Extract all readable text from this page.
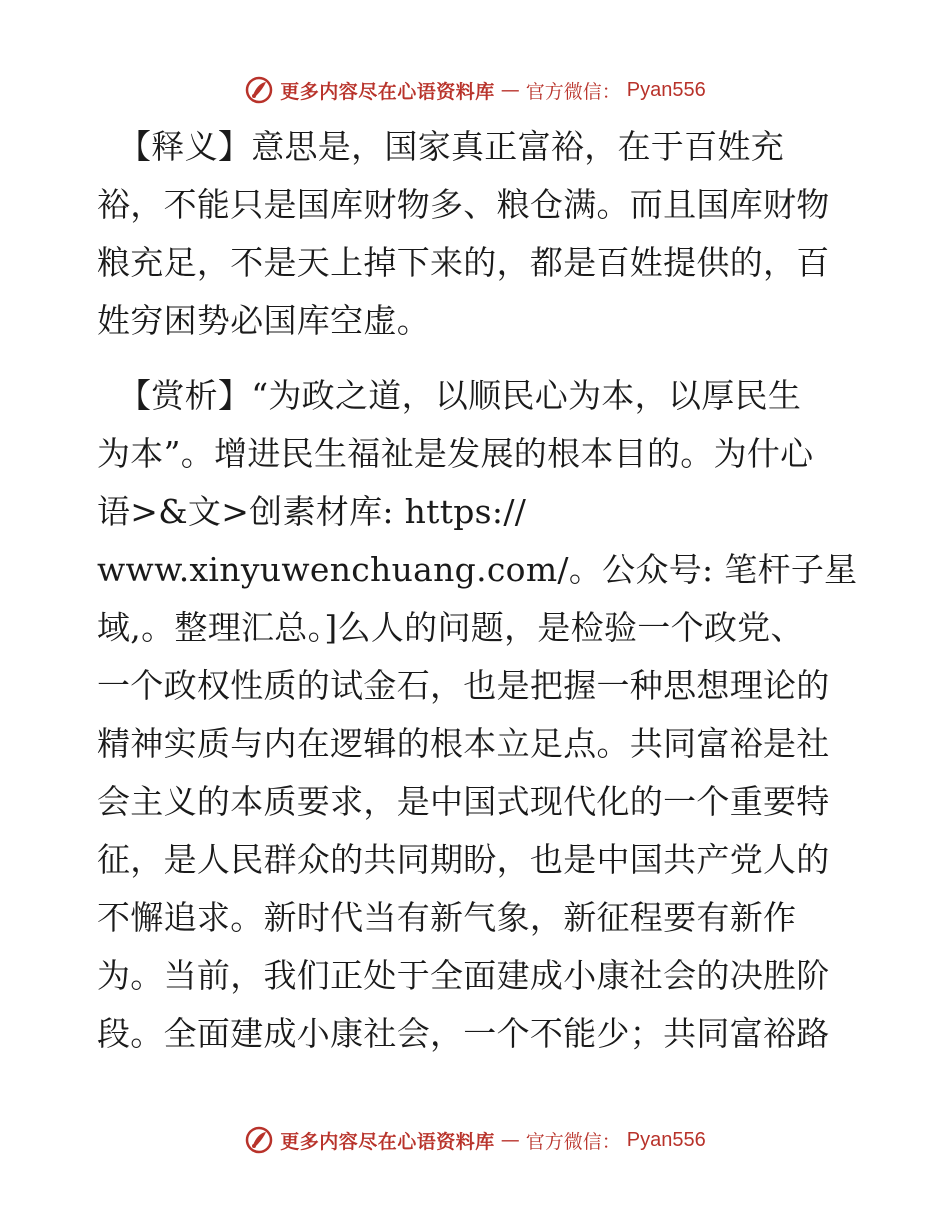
更多内容尽在心语资料库 — 官方微信： Pyan556
【释义】意思是，国家真正富裕，在于百姓充
裕，不能只是国库财物多、粮仓满。而且国库财物
粮充足，不是天上掉下来的，都是百姓提供的，百
姓穷困势必国库空虚。
【赏析】“为政之道，以顺民心为本，以厚民生
为本”。增进民生福祉是发展的根本目的。为什心
语>&文>创素材库: https://
www.xinyuwenchuang.com/。公众号: 笔杆子星
域,。整理汇总。]么人的问题，是检验一个政党、
一个政权性质的试金石，也是把握一种思想理论的
精神实质与内在逻辑的根本立足点。共同富裕是社
会主义的本质要求，是中国式现代化的一个重要特
征，是人民群众的共同期盼，也是中国共产党人的
不懈追求。新时代当有新气象，新征程要有新作
为。当前，我们正处于全面建成小康社会的决胜阶
段。全面建成小康社会，一个不能少；共同富裕路
更多内容尽在心语资料库 — 官方微信： Pyan556
